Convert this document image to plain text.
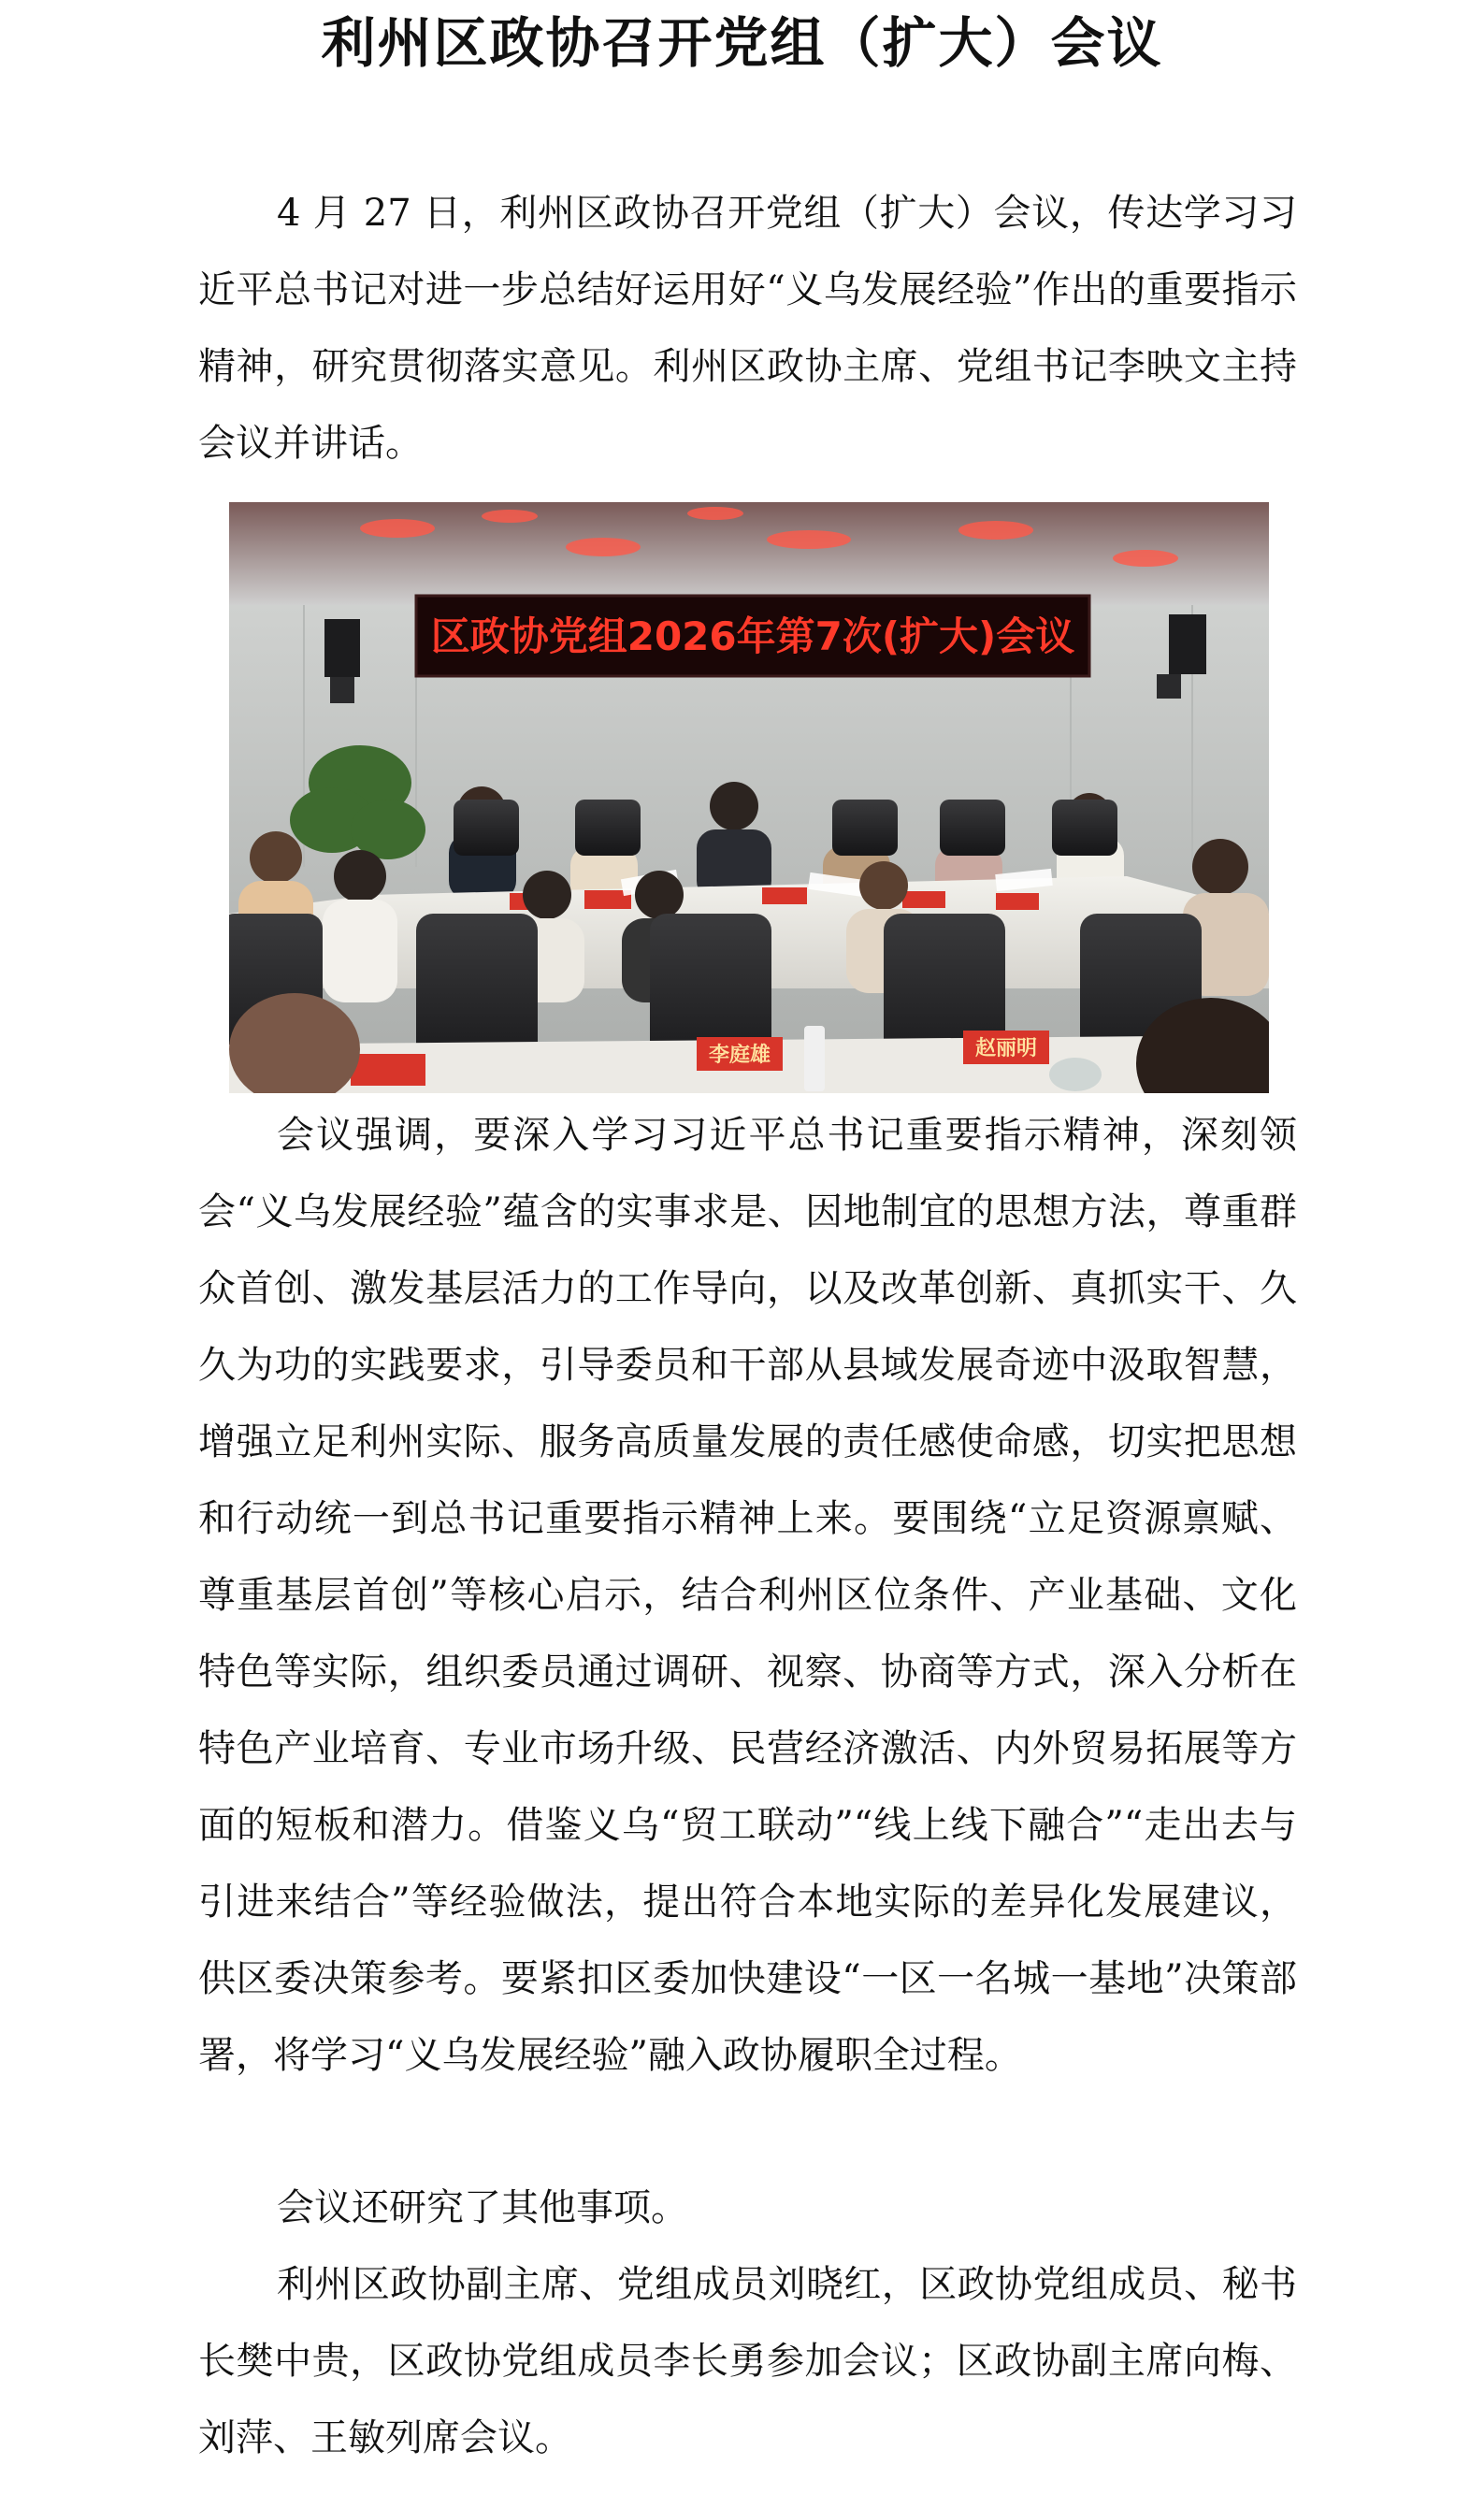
利州区政协召开党组（扩大）会议

4 月 27 日，利州区政协召开党组（扩大）会议，传达学习习近平总书记对进一步总结好运用好“义乌发展经验”作出的重要指示精神，研究贯彻落实意见。利州区政协主席、党组书记李映文主持会议并讲话。

区政协党组2026年第7次(扩大)会议
李庭雄	赵丽明

会议强调，要深入学习习近平总书记重要指示精神，深刻领会“义乌发展经验”蕴含的实事求是、因地制宜的思想方法，尊重群众首创、激发基层活力的工作导向，以及改革创新、真抓实干、久久为功的实践要求，引导委员和干部从县域发展奇迹中汲取智慧，增强立足利州实际、服务高质量发展的责任感使命感，切实把思想和行动统一到总书记重要指示精神上来。要围绕“立足资源禀赋、尊重基层首创”等核心启示，结合利州区位条件、产业基础、文化特色等实际，组织委员通过调研、视察、协商等方式，深入分析在特色产业培育、专业市场升级、民营经济激活、内外贸易拓展等方面的短板和潜力。借鉴义乌“贸工联动”“线上线下融合”“走出去与引进来结合”等经验做法，提出符合本地实际的差异化发展建议，供区委决策参考。要紧扣区委加快建设“一区一名城一基地”决策部署，将学习“义乌发展经验”融入政协履职全过程。

会议还研究了其他事项。

利州区政协副主席、党组成员刘晓红，区政协党组成员、秘书长樊中贵，区政协党组成员李长勇参加会议；区政协副主席向梅、刘萍、王敏列席会议。
